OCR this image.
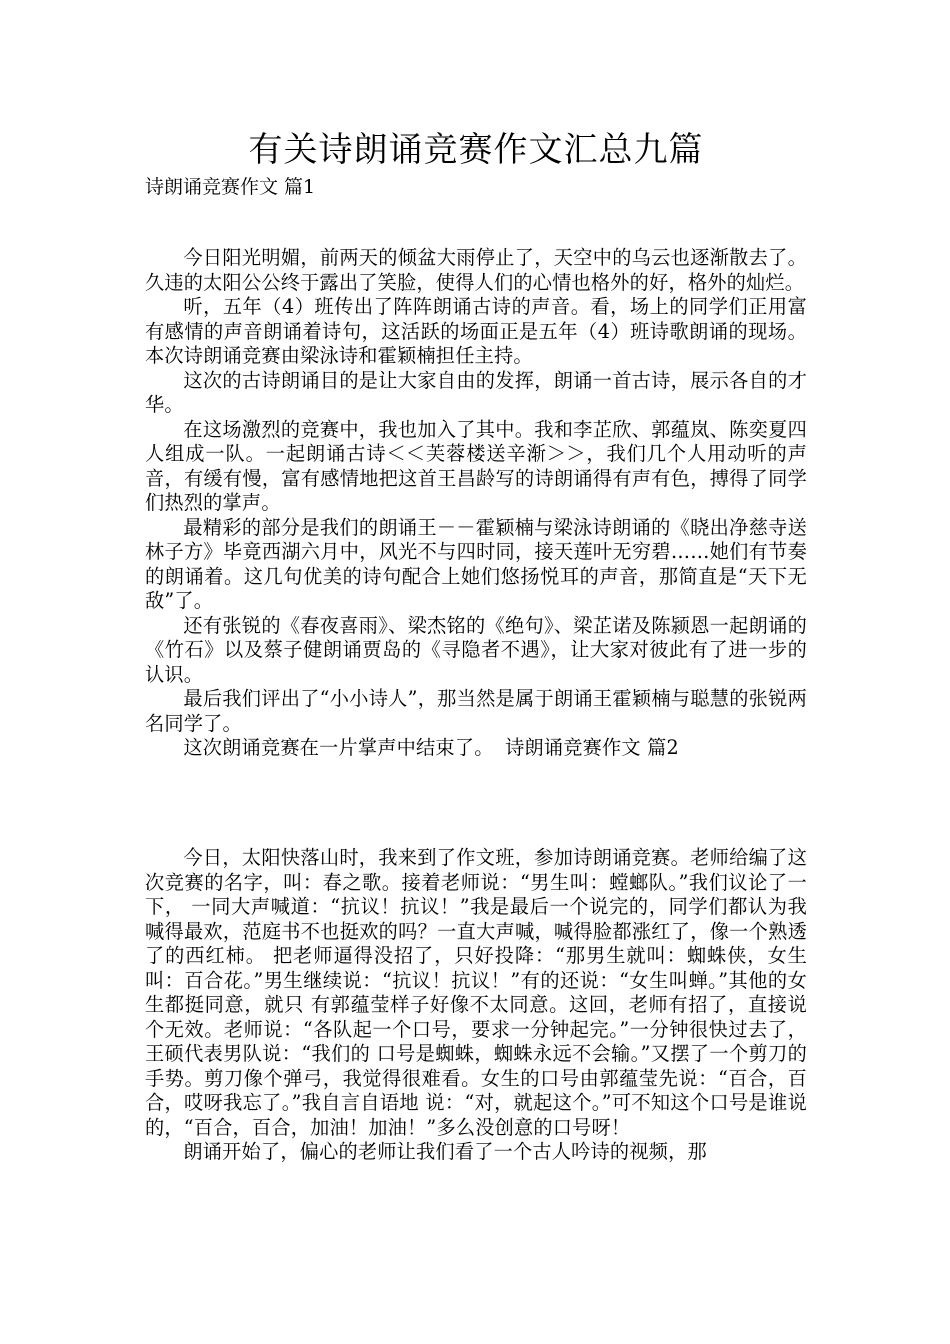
有关诗朗诵竞赛作文汇总九篇
诗朗诵竞赛作文 篇1

今日阳光明媚，前两天的倾盆大雨停止了，天空中的乌云也逐渐散去了。久违的太阳公公终于露出了笑脸，使得人们的心情也格外的好，格外的灿烂。

听，五年（4）班传出了阵阵朗诵古诗的声音。看，场上的同学们正用富有感情的声音朗诵着诗句，这活跃的场面正是五年（4）班诗歌朗诵的现场。本次诗朗诵竞赛由梁泳诗和霍颖楠担任主持。

这次的古诗朗诵目的是让大家自由的发挥，朗诵一首古诗，展示各自的才华。

在这场激烈的竞赛中，我也加入了其中。我和李芷欣、郭蕴岚、陈奕夏四人组成一队。一起朗诵古诗＜＜芙蓉楼送辛渐＞＞，我们几个人用动听的声音，有缓有慢，富有感情地把这首王昌龄写的诗朗诵得有声有色，搏得了同学们热烈的掌声。

最精彩的部分是我们的朗诵王－－霍颖楠与梁泳诗朗诵的《晓出净慈寺送林子方》毕竟西湖六月中，风光不与四时同，接天莲叶无穷碧……她们有节奏的朗诵着。这几句优美的诗句配合上她们悠扬悦耳的声音，那简直是“天下无敌”了。

还有张锐的《春夜喜雨》、梁杰铭的《绝句》、梁芷诺及陈颍恩一起朗诵的《竹石》以及蔡子健朗诵贾岛的《寻隐者不遇》，让大家对彼此有了进一步的认识。

最后我们评出了“小小诗人”，那当然是属于朗诵王霍颖楠与聪慧的张锐两名同学了。

这次朗诵竞赛在一片掌声中结束了。 诗朗诵竞赛作文 篇2

今日，太阳快落山时，我来到了作文班，参加诗朗诵竞赛。老师给编了这次竞赛的名字，叫：春之歌。接着老师说：“男生叫：螳螂队。”我们议论了一下， 一同大声喊道：“抗议！抗议！”我是最后一个说完的，同学们都认为我喊得最欢，范庭书不也挺欢的吗？一直大声喊，喊得脸都涨红了，像一个熟透了的西红柿。 把老师逼得没招了，只好投降：“那男生就叫：蜘蛛侠，女生叫：百合花。”男生继续说：“抗议！抗议！”有的还说：“女生叫蝉。”其他的女生都挺同意，就只 有郭蕴莹样子好像不太同意。这回，老师有招了，直接说个无效。老师说：“各队起一个口号，要求一分钟起完。”一分钟很快过去了，王硕代表男队说：“我们的 口号是蜘蛛，蜘蛛永远不会输。”又摆了一个剪刀的手势。剪刀像个弹弓，我觉得很难看。女生的口号由郭蕴莹先说：“百合，百合，哎呀我忘了。”我自言自语地 说：“对，就起这个。”可不知这个口号是谁说的，“百合，百合，加油！加油！”多么没创意的口号呀！

朗诵开始了，偏心的老师让我们看了一个古人吟诗的视频，那
